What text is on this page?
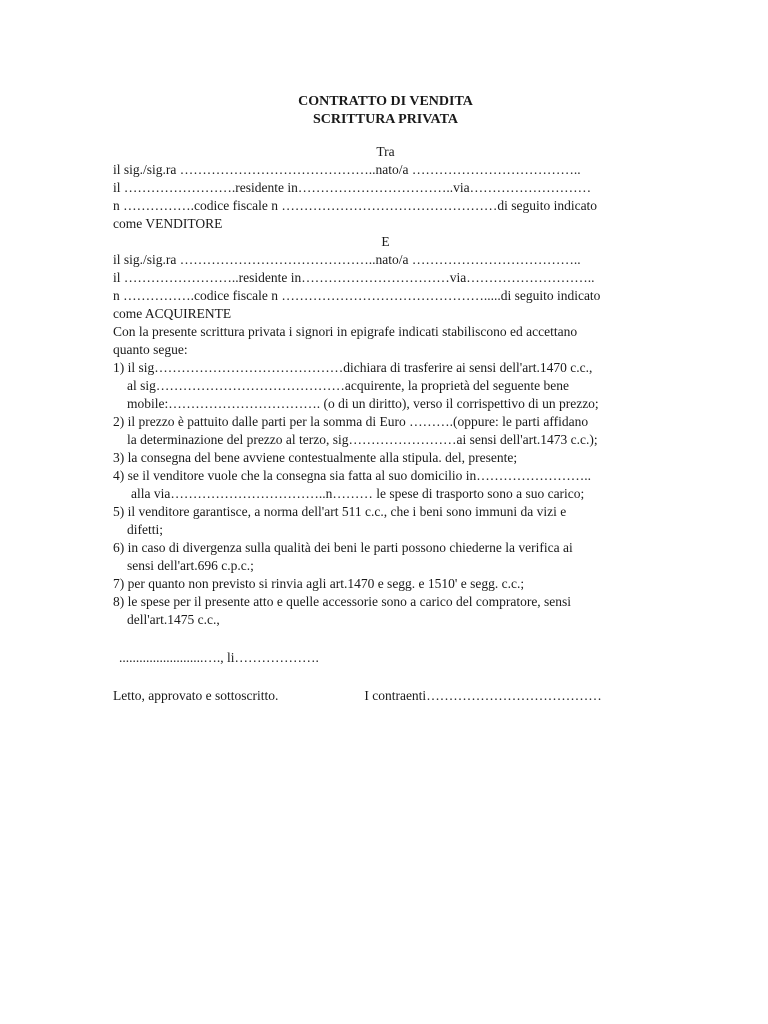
CONTRATTO DI VENDITA
SCRITTURA PRIVATA
Tra
il sig./sig.ra ……………………………………..nato/a ………………………………..
il …………………….residente in……………………………..via………………………
n …………….codice fiscale n …………………………………………di seguito indicato
come VENDITORE
E
il sig./sig.ra ……………………………………..nato/a ………………………………..
il ……………………..residente in……………………………via………………………..
n …………….codice fiscale n ……………………………………….....di seguito indicato
come ACQUIRENTE
Con la presente scrittura privata i signori in epigrafe indicati stabiliscono ed accettano
quanto segue:
1) il sig……………………………………dichiara di trasferire ai sensi dell'art.1470 c.c.,
al sig……………………………………acquirente, la proprietà del seguente bene
mobile:……………………………. (o di un diritto), verso il corrispettivo di un prezzo;
2) il prezzo è pattuito dalle parti per la somma di Euro ……….(oppure: le parti affidano
la determinazione del prezzo al terzo, sig……………………ai sensi dell'art.1473 c.c.);
3) la consegna del bene avviene contestualmente alla stipula. del, presente;
4) se il venditore vuole che la consegna sia fatta al suo domicilio in……………………..
alla via……………………………..n……… le spese di trasporto sono a suo carico;
5) il venditore garantisce, a norma dell'art 511 c.c., che i beni sono immuni da vizi e
difetti;
6) in caso di divergenza sulla qualità dei beni le parti possono chiederne la verifica ai
sensi dell'art.696 c.p.c.;
7) per quanto non previsto si rinvia agli art.1470 e segg. e 1510' e segg. c.c.;
8) le spese per il presente atto e quelle accessorie sono a carico del compratore, sensi
dell'art.1475 c.c.,
.........................…., li……………….
Letto, approvato e sottoscritto.	I contraenti…………………………………
